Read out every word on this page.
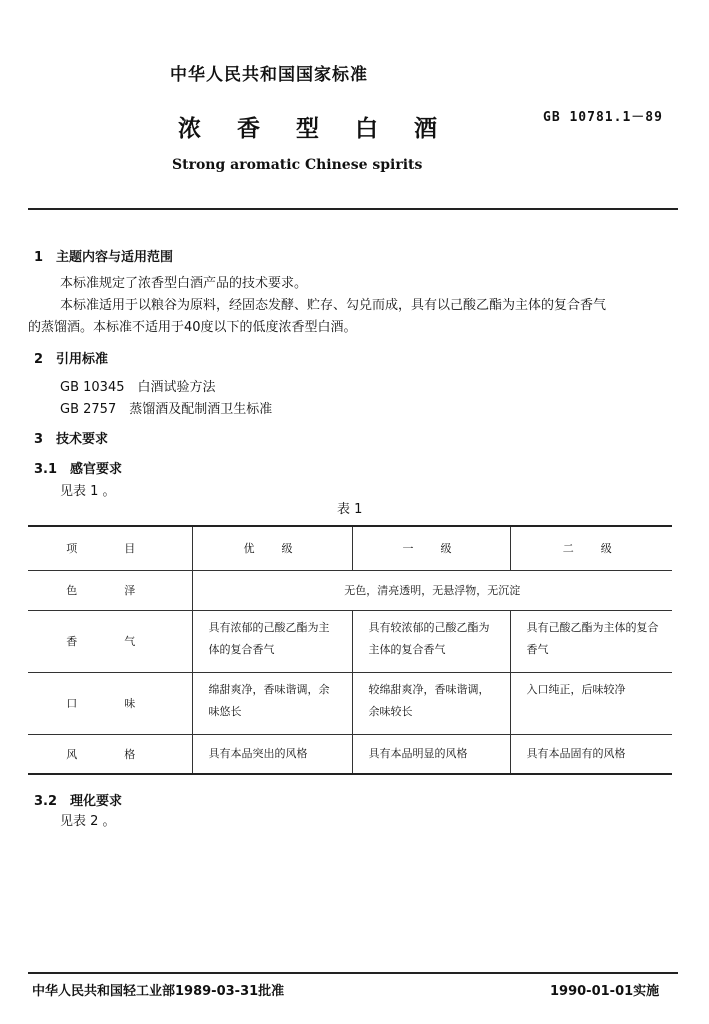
中华人民共和国国家标准
浓 香 型 白 酒	GB 10781.1－89
Strong aromatic Chinese spirits
1　主题内容与适用范围
本标准规定了浓香型白酒产品的技术要求。
本标准适用于以粮谷为原料，经固态发酵、贮存、勾兑而成，具有以己酸乙酯为主体的复合香气
的蒸馏酒。本标准不适用于40度以下的低度浓香型白酒。
2　引用标准
GB 10345　白酒试验方法
GB 2757　蒸馏酒及配制酒卫生标准
3　技术要求
3.1　感官要求
见表 1 。
表 1
项　目	优　级	一　级	二　级
色　泽	无色，清亮透明，无悬浮物，无沉淀		
香　气	具有浓郁的己酸乙酯为主体的复合香气	具有较浓郁的己酸乙酯为主体的复合香气	具有己酸乙酯为主体的复合香气
口　味	绵甜爽净，香味谐调，余味悠长	较绵甜爽净，香味谐调，余味较长	入口纯正，后味较净
风　格	具有本品突出的风格	具有本品明显的风格	具有本品固有的风格
3.2　理化要求
见表 2 。
中华人民共和国轻工业部1989-03-31批准	1990-01-01实施
